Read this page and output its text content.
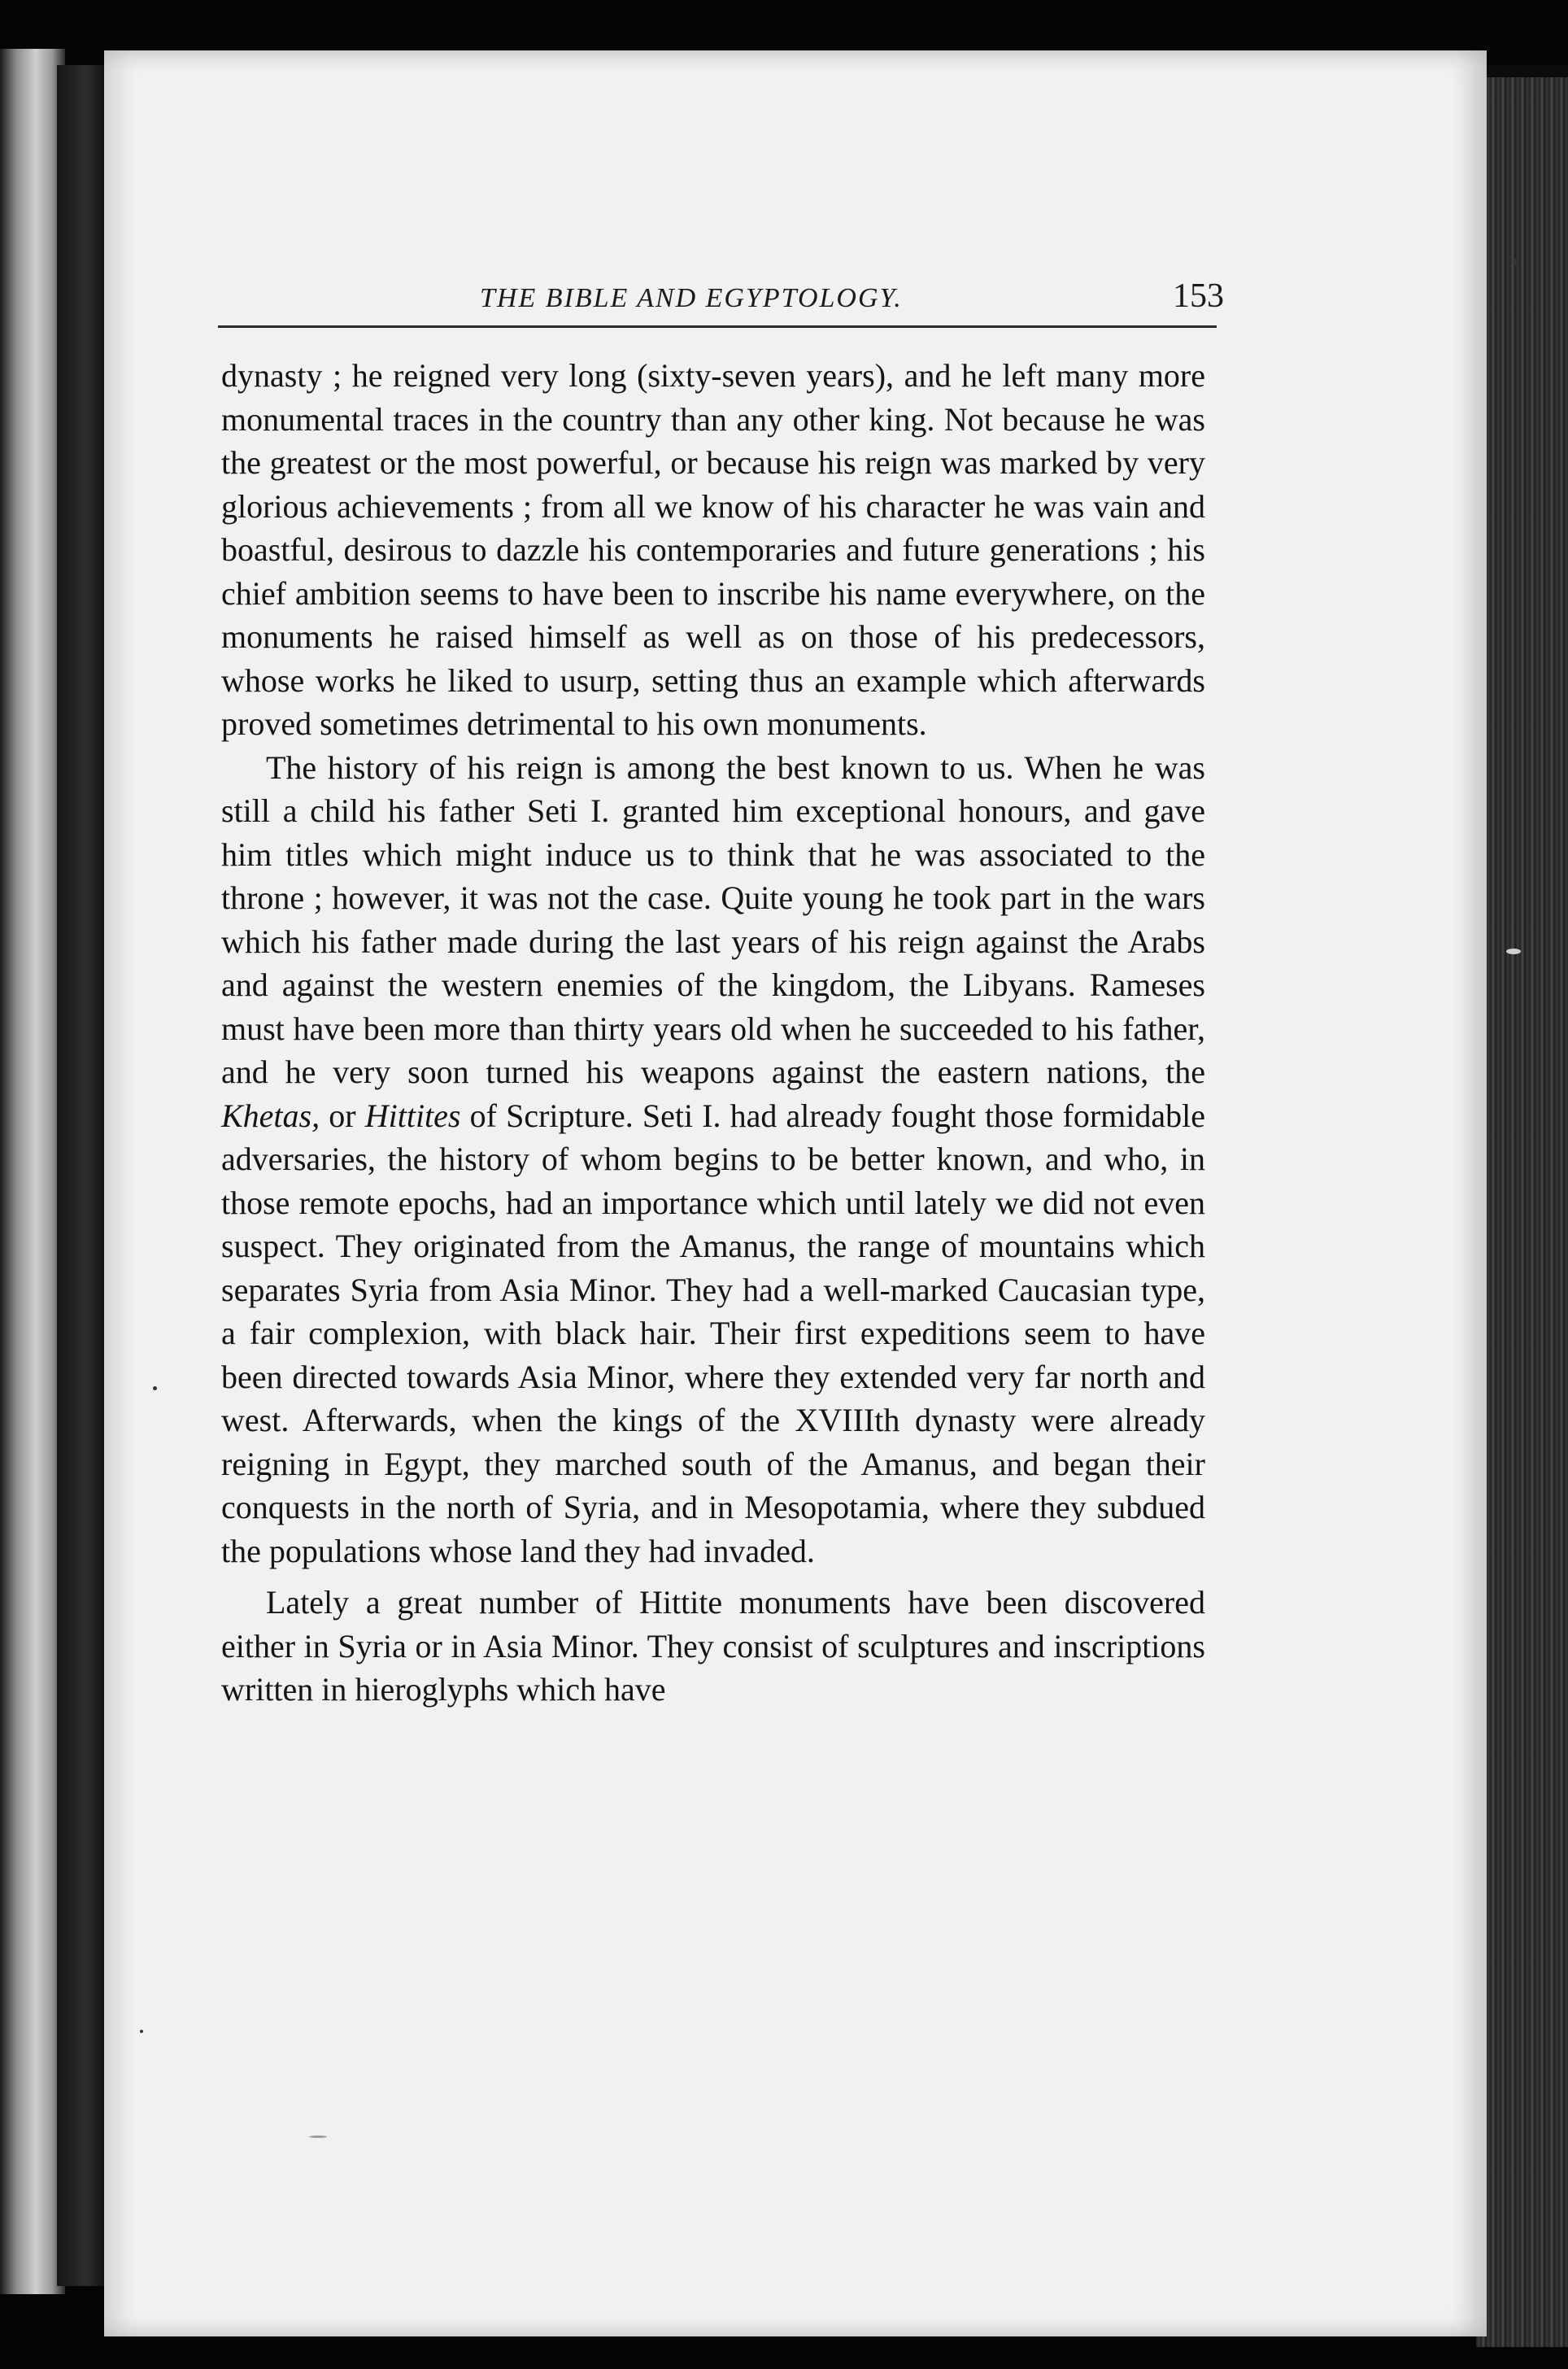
THE BIBLE AND EGYPTOLOGY.	153

dynasty ; he reigned very long (sixty-seven years), and he left many more monumental traces in the country than any other king. Not because he was the greatest or the most powerful, or because his reign was marked by very glorious achievements ; from all we know of his character he was vain and boastful, desirous to dazzle his contemporaries and future generations ; his chief ambition seems to have been to inscribe his name everywhere, on the monuments he raised himself as well as on those of his predecessors, whose works he liked to usurp, setting thus an example which afterwards proved sometimes detrimental to his own monuments.

The history of his reign is among the best known to us. When he was still a child his father Seti I. granted him exceptional honours, and gave him titles which might induce us to think that he was associated to the throne ; however, it was not the case. Quite young he took part in the wars which his father made during the last years of his reign against the Arabs and against the western enemies of the kingdom, the Libyans. Rameses must have been more than thirty years old when he succeeded to his father, and he very soon turned his weapons against the eastern nations, the Khetas, or Hittites of Scripture. Seti I. had already fought those formidable adversaries, the history of whom begins to be better known, and who, in those remote epochs, had an importance which until lately we did not even suspect. They originated from the Amanus, the range of mountains which separates Syria from Asia Minor. They had a well-marked Caucasian type, a fair complexion, with black hair. Their first expeditions seem to have been directed towards Asia Minor, where they extended very far north and west. Afterwards, when the kings of the XVIIIth dynasty were already reigning in Egypt, they marched south of the Amanus, and began their conquests in the north of Syria, and in Mesopotamia, where they subdued the populations whose land they had invaded.

Lately a great number of Hittite monuments have been discovered either in Syria or in Asia Minor. They consist of sculptures and inscriptions written in hieroglyphs which have
